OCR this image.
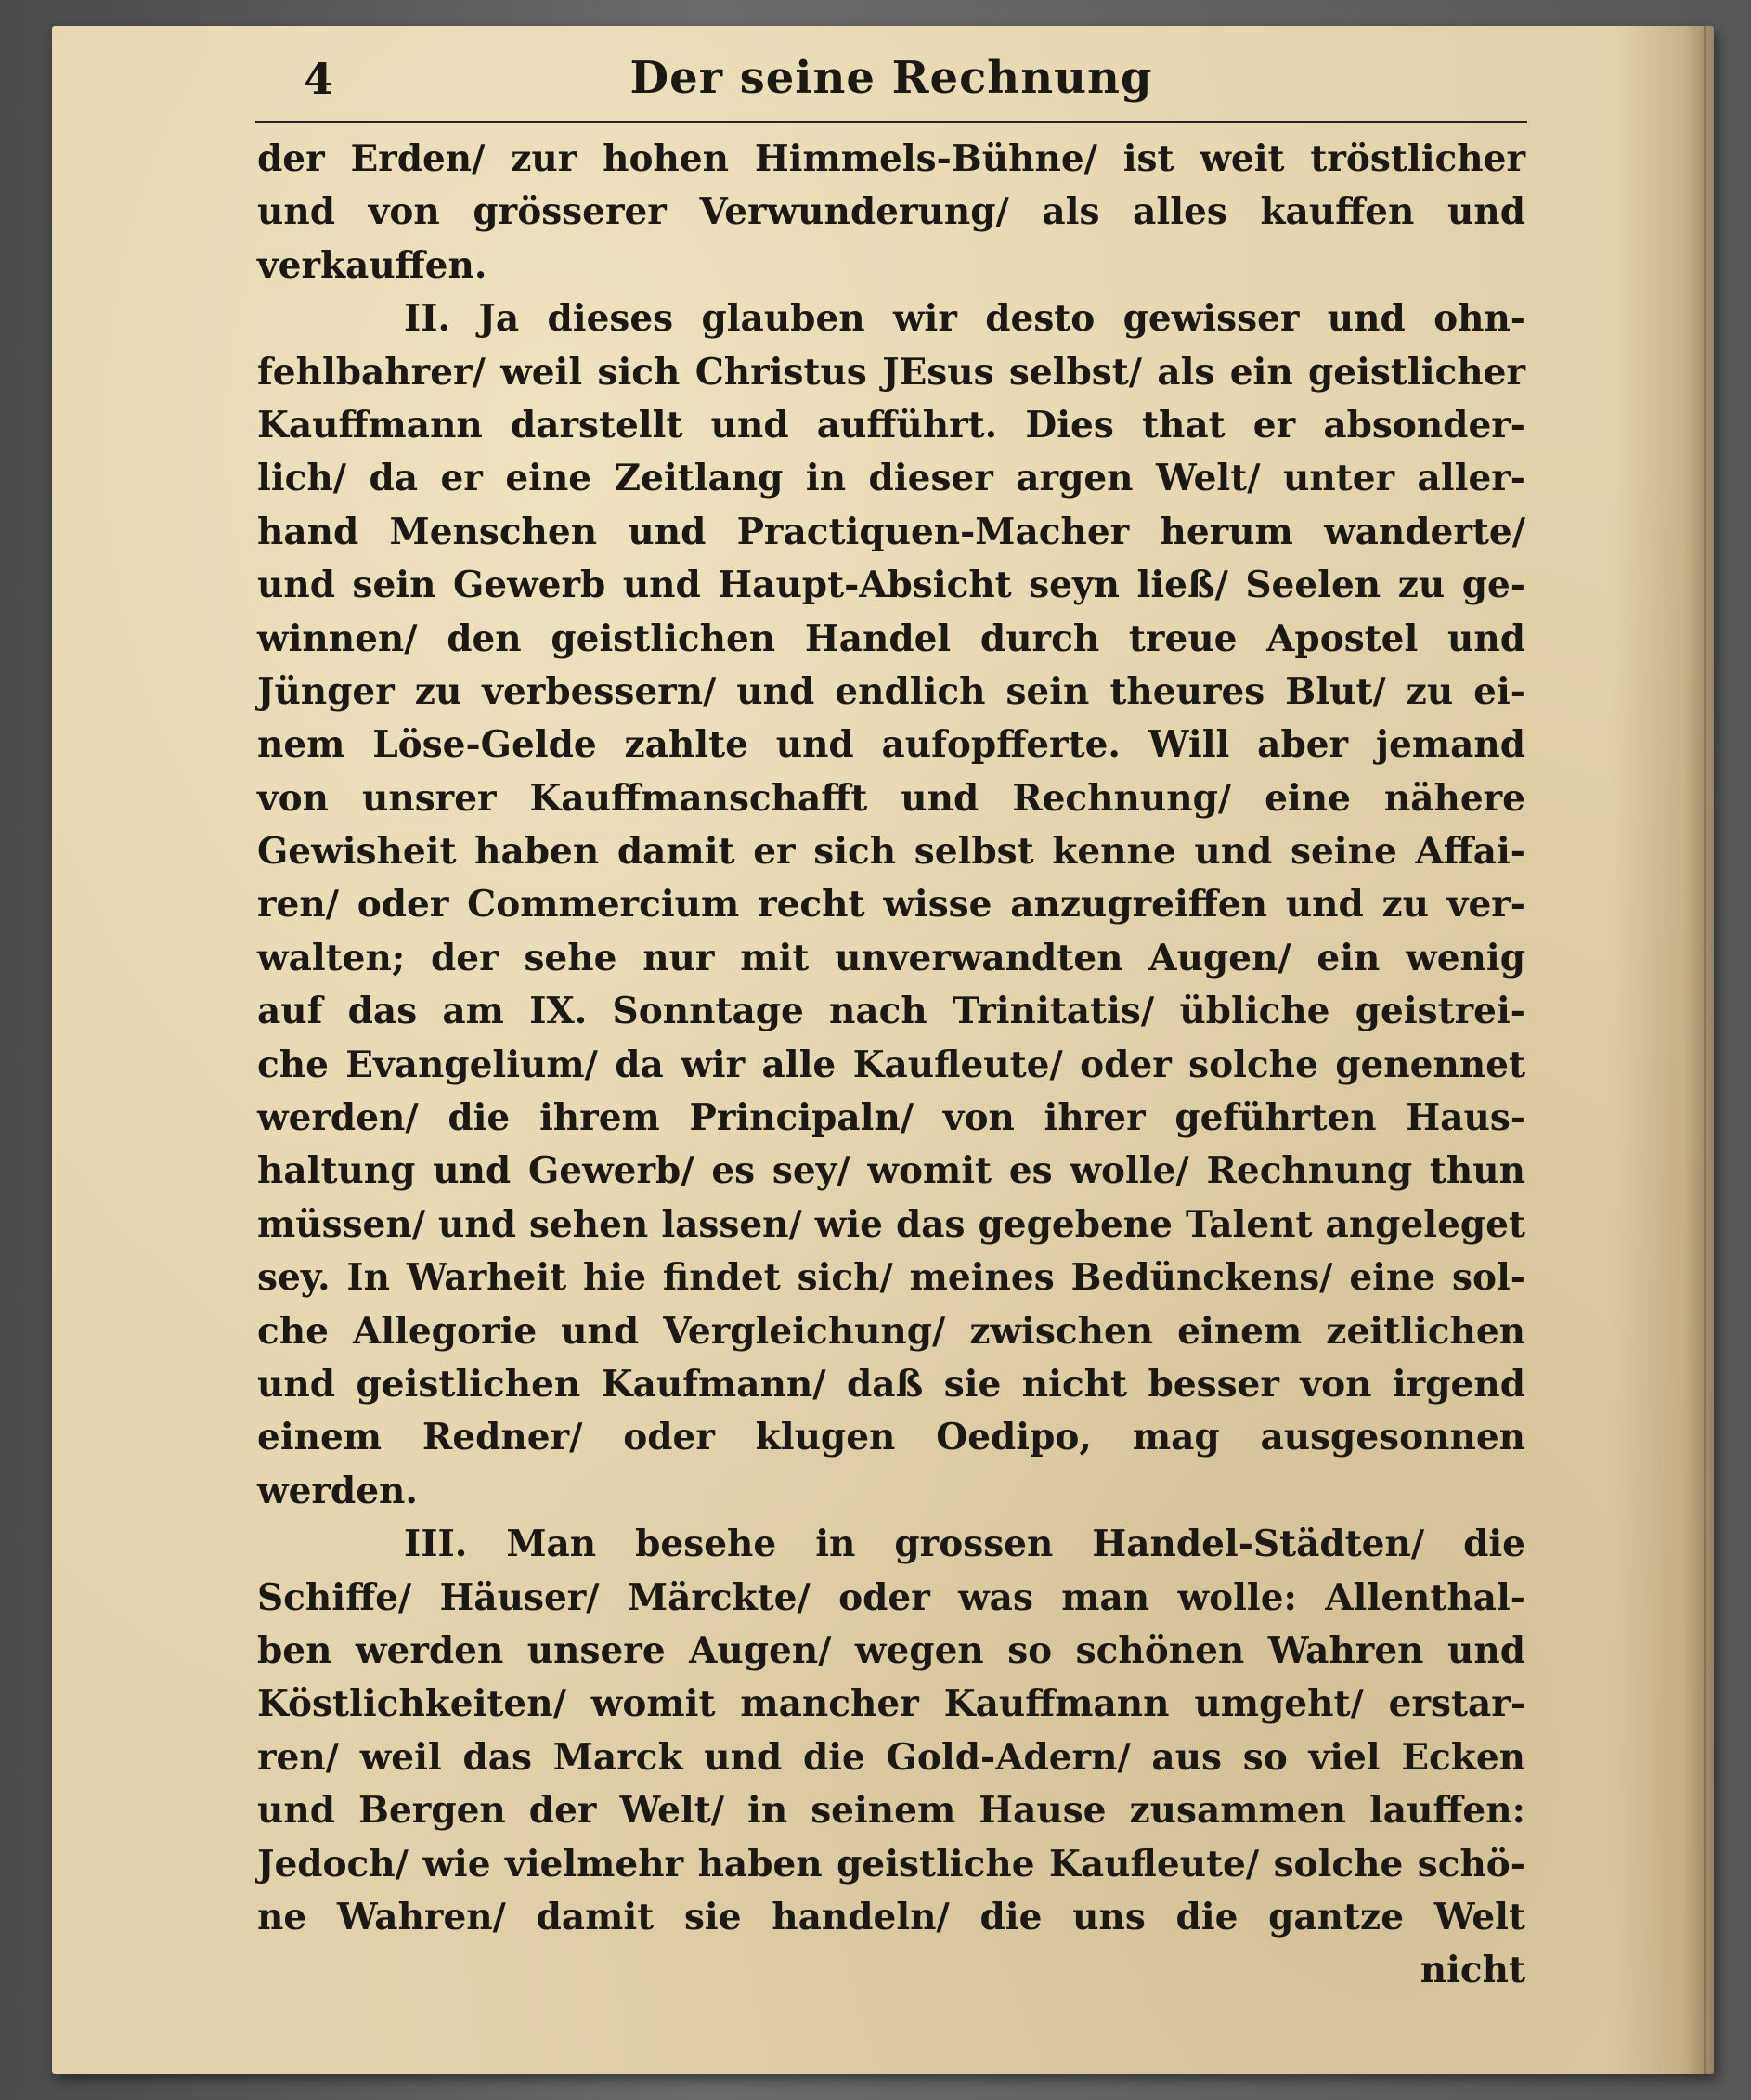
4	Der seine Rechnung
der Erden/ zur hohen Himmels-Bühne/ ist weit tröstlicher
und von grösserer Verwunderung/ als alles kauffen und
verkauffen.
II. Ja dieses glauben wir desto gewisser und ohn-
fehlbahrer/ weil sich Christus JEsus selbst/ als ein geistlicher
Kauffmann darstellt und aufführt. Dies that er absonder-
lich/ da er eine Zeitlang in dieser argen Welt/ unter aller-
hand Menschen und Practiquen-Macher herum wanderte/
und sein Gewerb und Haupt-Absicht seyn ließ/ Seelen zu ge-
winnen/ den geistlichen Handel durch treue Apostel und
Jünger zu verbessern/ und endlich sein theures Blut/ zu ei-
nem Löse-Gelde zahlte und aufopfferte. Will aber jemand
von unsrer Kauffmanschafft und Rechnung/ eine nähere
Gewisheit haben damit er sich selbst kenne und seine Affai-
ren/ oder Commercium recht wisse anzugreiffen und zu ver-
walten; der sehe nur mit unverwandten Augen/ ein wenig
auf das am IX. Sonntage nach Trinitatis/ übliche geistrei-
che Evangelium/ da wir alle Kaufleute/ oder solche genennet
werden/ die ihrem Principaln/ von ihrer geführten Haus-
haltung und Gewerb/ es sey/ womit es wolle/ Rechnung thun
müssen/ und sehen lassen/ wie das gegebene Talent angeleget
sey. In Warheit hie findet sich/ meines Bedünckens/ eine sol-
che Allegorie und Vergleichung/ zwischen einem zeitlichen
und geistlichen Kaufmann/ daß sie nicht besser von irgend
einem Redner/ oder klugen Oedipo, mag ausgesonnen
werden.
III. Man besehe in grossen Handel-Städten/ die
Schiffe/ Häuser/ Märckte/ oder was man wolle: Allenthal-
ben werden unsere Augen/ wegen so schönen Wahren und
Köstlichkeiten/ womit mancher Kauffmann umgeht/ erstar-
ren/ weil das Marck und die Gold-Adern/ aus so viel Ecken
und Bergen der Welt/ in seinem Hause zusammen lauffen:
Jedoch/ wie vielmehr haben geistliche Kaufleute/ solche schö-
ne Wahren/ damit sie handeln/ die uns die gantze Welt
nicht
